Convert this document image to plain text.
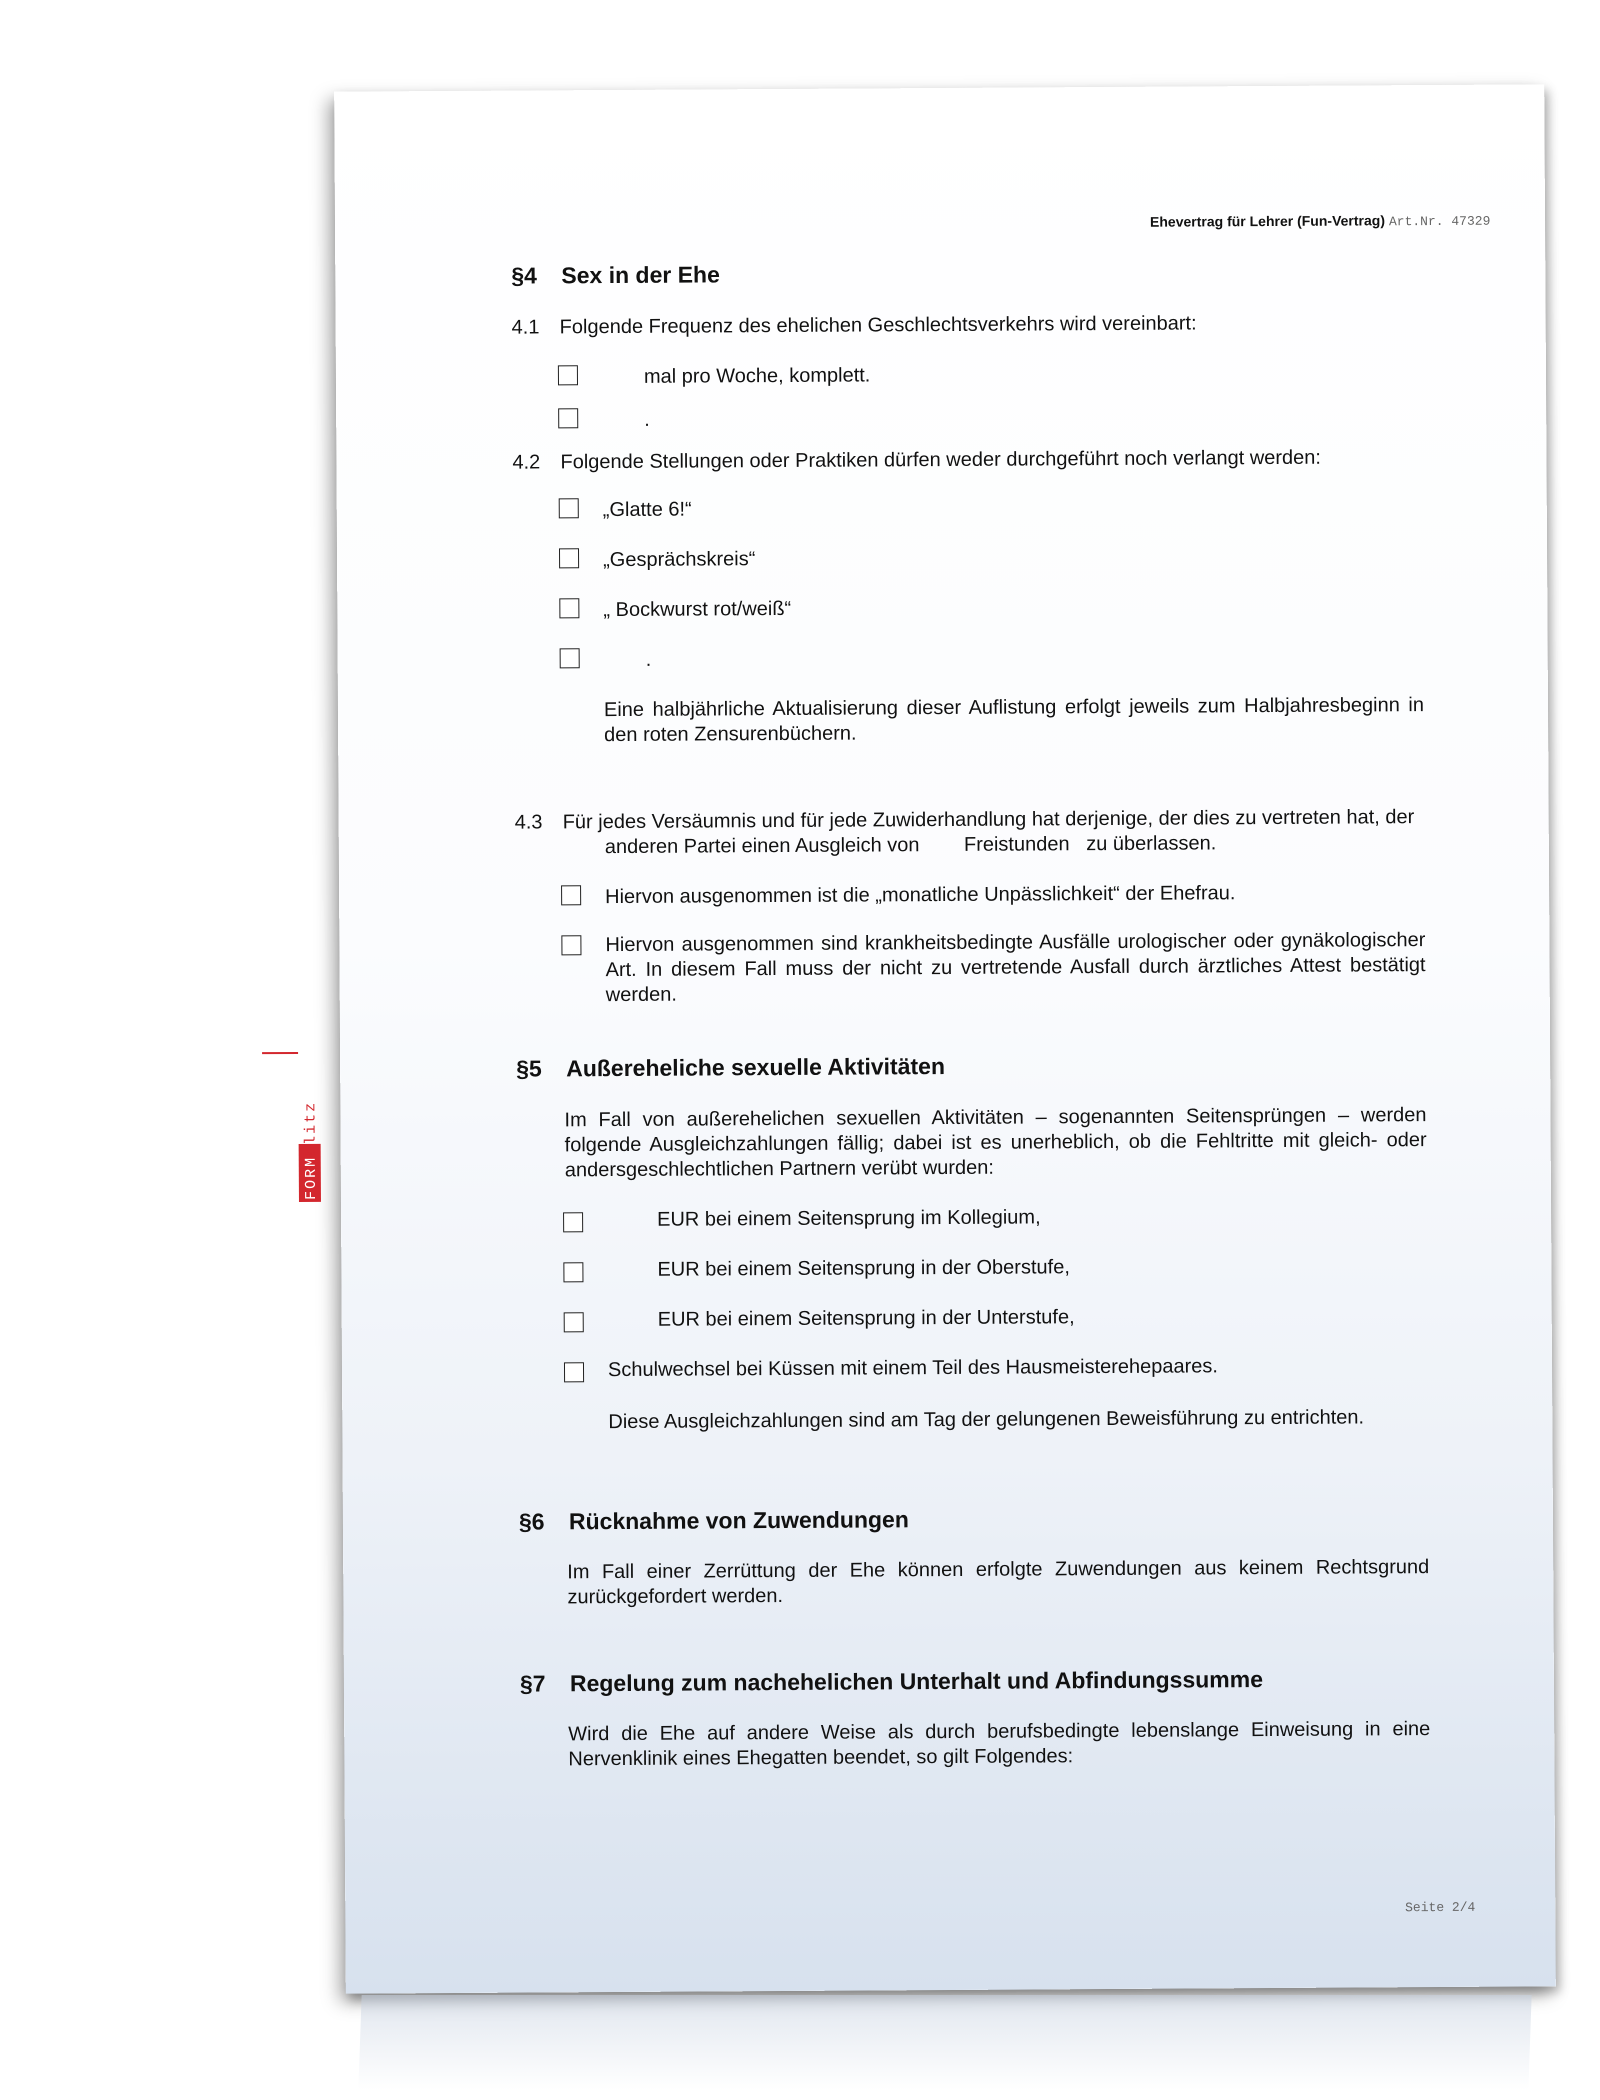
FORMblitz
Ehevertrag für Lehrer (Fun-Vertrag) Art.Nr. 47329
§4 Sex in der Ehe
4.1 Folgende Frequenz des ehelichen Geschlechtsverkehrs wird vereinbart:
mal pro Woche, komplett.
.
4.2 Folgende Stellungen oder Praktiken dürfen weder durchgeführt noch verlangt werden:
„Glatte 6!“
„Gesprächskreis“
„ Bockwurst rot/weiß“
.
Eine halbjährliche Aktualisierung dieser Auflistung erfolgt jeweils zum Halbjahresbeginn in den roten Zensurenbüchern.
4.3 Für jedes Versäumnis und für jede Zuwiderhandlung hat derjenige, der dies zu vertreten hat, der
anderen Partei einen Ausgleich von        Freistunden   zu überlassen.
Hiervon ausgenommen ist die „monatliche Unpässlichkeit“ der Ehefrau.
Hiervon ausgenommen sind krankheitsbedingte Ausfälle urologischer oder gynäkologischer Art. In diesem Fall muss der nicht zu vertretende Ausfall durch ärztliches Attest bestätigt werden.
§5 Außereheliche sexuelle Aktivitäten
Im Fall von außerehelichen sexuellen Aktivitäten – sogenannten Seitensprüngen – werden folgende Ausgleichzahlungen fällig; dabei ist es unerheblich, ob die Fehltritte mit gleich- oder andersgeschlechtlichen Partnern verübt wurden:
EUR bei einem Seitensprung im Kollegium,
EUR bei einem Seitensprung in der Oberstufe,
EUR bei einem Seitensprung in der Unterstufe,
Schulwechsel bei Küssen mit einem Teil des Hausmeisterehepaares.
Diese Ausgleichzahlungen sind am Tag der gelungenen Beweisführung zu entrichten.
§6 Rücknahme von Zuwendungen
Im Fall einer Zerrüttung der Ehe können erfolgte Zuwendungen aus keinem Rechtsgrund zurückgefordert werden.
§7 Regelung zum nachehelichen Unterhalt und Abfindungssumme
Wird die Ehe auf andere Weise als durch berufsbedingte lebenslange Einweisung in eine Nervenklinik eines Ehegatten beendet, so gilt Folgendes:
Seite 2/4
